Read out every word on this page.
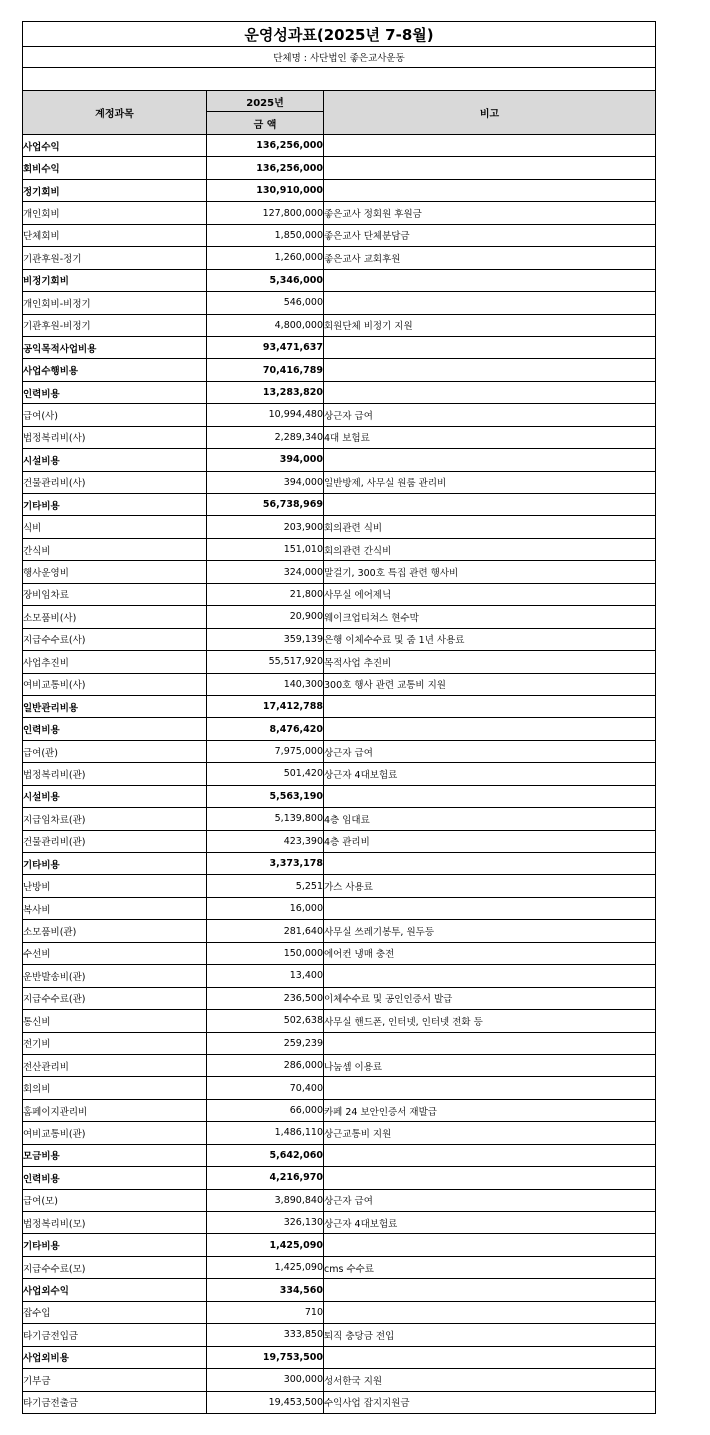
운영성과표(2025년 7-8월)		
단체명 : 사단법인 좋은교사운동		

계정과목	2025년	비고
	금 액	
사업수익	136,256,000	
회비수익	136,256,000	
정기회비	130,910,000	
개인회비	127,800,000	좋은교사 정회원 후원금
단체회비	1,850,000	좋은교사 단체분담금
기관후원-정기	1,260,000	좋은교사 교회후원
비정기회비	5,346,000	
개인회비-비정기	546,000	
기관후원-비정기	4,800,000	회원단체 비정기 지원
공익목적사업비용	93,471,637	
사업수행비용	70,416,789	
인력비용	13,283,820	
급여(사)	10,994,480	상근자 급여
법정복리비(사)	2,289,340	4대 보험료
시설비용	394,000	
건물관리비(사)	394,000	일반방제, 사무실 원룸 관리비
기타비용	56,738,969	
식비	203,900	회의관련 식비
간식비	151,010	회의관련 간식비
행사운영비	324,000	말걸기, 300호 특집 관련 행사비
장비임차료	21,800	사무실 에어제닉
소모품비(사)	20,900	웨이크업티쳐스 현수막
지급수수료(사)	359,139	은행 이체수수료 및 줌 1년 사용료
사업추진비	55,517,920	목적사업 추진비
여비교통비(사)	140,300	300호 행사 관련 교통비 지원
일반관리비용	17,412,788	
인력비용	8,476,420	
급여(관)	7,975,000	상근자 급여
법정복리비(관)	501,420	상근자 4대보험료
시설비용	5,563,190	
지급임차료(관)	5,139,800	4층 임대료
건물관리비(관)	423,390	4층 관리비
기타비용	3,373,178	
난방비	5,251	가스 사용료
복사비	16,000	
소모품비(관)	281,640	사무실 쓰레기봉투, 원두등
수선비	150,000	에어컨 냉매 충전
운반발송비(관)	13,400	
지급수수료(관)	236,500	이체수수료 및 공인인증서 발급
통신비	502,638	사무실 핸드폰, 인터넷, 인터넷 전화 등
전기비	259,239	
전산관리비	286,000	나눔셈 이용료
회의비	70,400	
홈페이지관리비	66,000	카페 24 보안인증서 재발급
여비교통비(관)	1,486,110	상근교통비 지원
모금비용	5,642,060	
인력비용	4,216,970	
급여(모)	3,890,840	상근자 급여
법정복리비(모)	326,130	상근자 4대보험료
기타비용	1,425,090	
지급수수료(모)	1,425,090	cms 수수료
사업외수익	334,560	
잡수입	710	
타기금전입금	333,850	퇴직 충당금 전입
사업외비용	19,753,500	
기부금	300,000	성서한국 지원
타기금전출금	19,453,500	수익사업 잡지지원금
